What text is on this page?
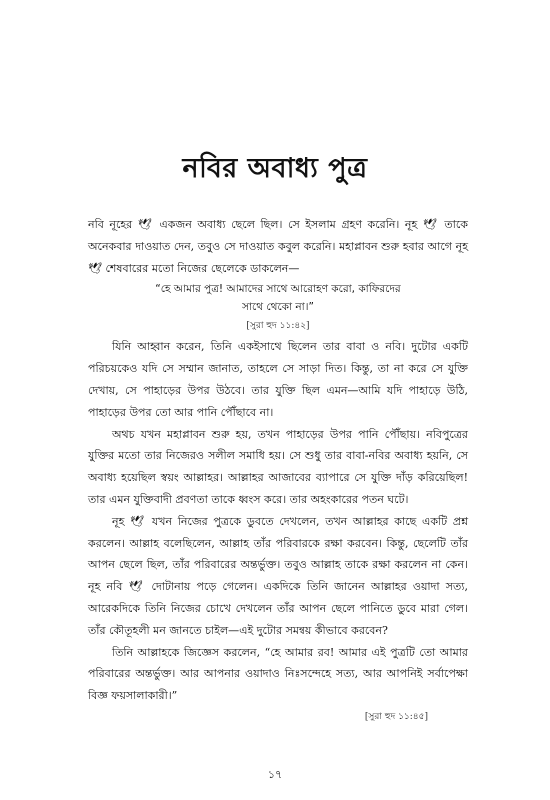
নবির অবাধ্য পুত্র

নবি নূহের 🕊 একজন অবাধ্য ছেলে ছিল। সে ইসলাম গ্রহণ করেনি। নূহ 🕊 তাকে অনেকবার দাওয়াত দেন, তবুও সে দাওয়াত কবুল করেনি। মহাপ্লাবন শুরু হবার আগে নূহ 🕊 শেষবারের মতো নিজের ছেলেকে ডাকলেন—

“হে আমার পুত্র! আমাদের সাথে আরোহণ করো, কাফিরদের
সাথে থেকো না।”
[সুরা হুদ ১১:৪২]

যিনি আহ্বান করেন, তিনি একইসাথে ছিলেন তার বাবা ও নবি। দুটোর একটি পরিচয়কেও যদি সে সম্মান জানাত, তাহলে সে সাড়া দিত। কিন্তু, তা না করে সে যুক্তি দেখায়, সে পাহাড়ের উপর উঠবে। তার যুক্তি ছিল এমন—আমি যদি পাহাড়ে উঠি, পাহাড়ের উপর তো আর পানি পৌঁছাবে না।

অথচ যখন মহাপ্লাবন শুরু হয়, তখন পাহাড়ের উপর পানি পৌঁছায়। নবিপুত্রের যুক্তির মতো তার নিজেরও সলীল সমাধি হয়। সে শুধু তার বাবা-নবির অবাধ্য হয়নি, সে অবাধ্য হয়েছিল স্বয়ং আল্লাহর। আল্লাহর আজাবের ব্যাপারে সে যুক্তি দাঁড় করিয়েছিল! তার এমন যুক্তিবাদী প্রবণতা তাকে ধ্বংস করে। তার অহংকারের পতন ঘটে।

নূহ 🕊 যখন নিজের পুত্রকে ডুবতে দেখলেন, তখন আল্লাহর কাছে একটি প্রশ্ন করলেন। আল্লাহ বলেছিলেন, আল্লাহ তাঁর পরিবারকে রক্ষা করবেন। কিন্তু, ছেলেটি তাঁর আপন ছেলে ছিল, তাঁর পরিবারের অন্তর্ভুক্ত। তবুও আল্লাহ তাকে রক্ষা করলেন না কেন। নূহ নবি 🕊 দোটানায় পড়ে গেলেন। একদিকে তিনি জানেন আল্লাহর ওয়াদা সত্য, আরেকদিকে তিনি নিজের চোখে দেখলেন তাঁর আপন ছেলে পানিতে ডুবে মারা গেল। তাঁর কৌতূহলী মন জানতে চাইল—এই দুটোর সমন্বয় কীভাবে করবেন?

তিনি আল্লাহকে জিজ্ঞেস করলেন, “হে আমার রব! আমার এই পুত্রটি তো আমার পরিবারের অন্তর্ভুক্ত। আর আপনার ওয়াদাও নিঃসন্দেহে সত্য, আর আপনিই সর্বাপেক্ষা বিজ্ঞ ফয়সালাকারী।”

[সুরা হুদ ১১:৪৫]
১৭
